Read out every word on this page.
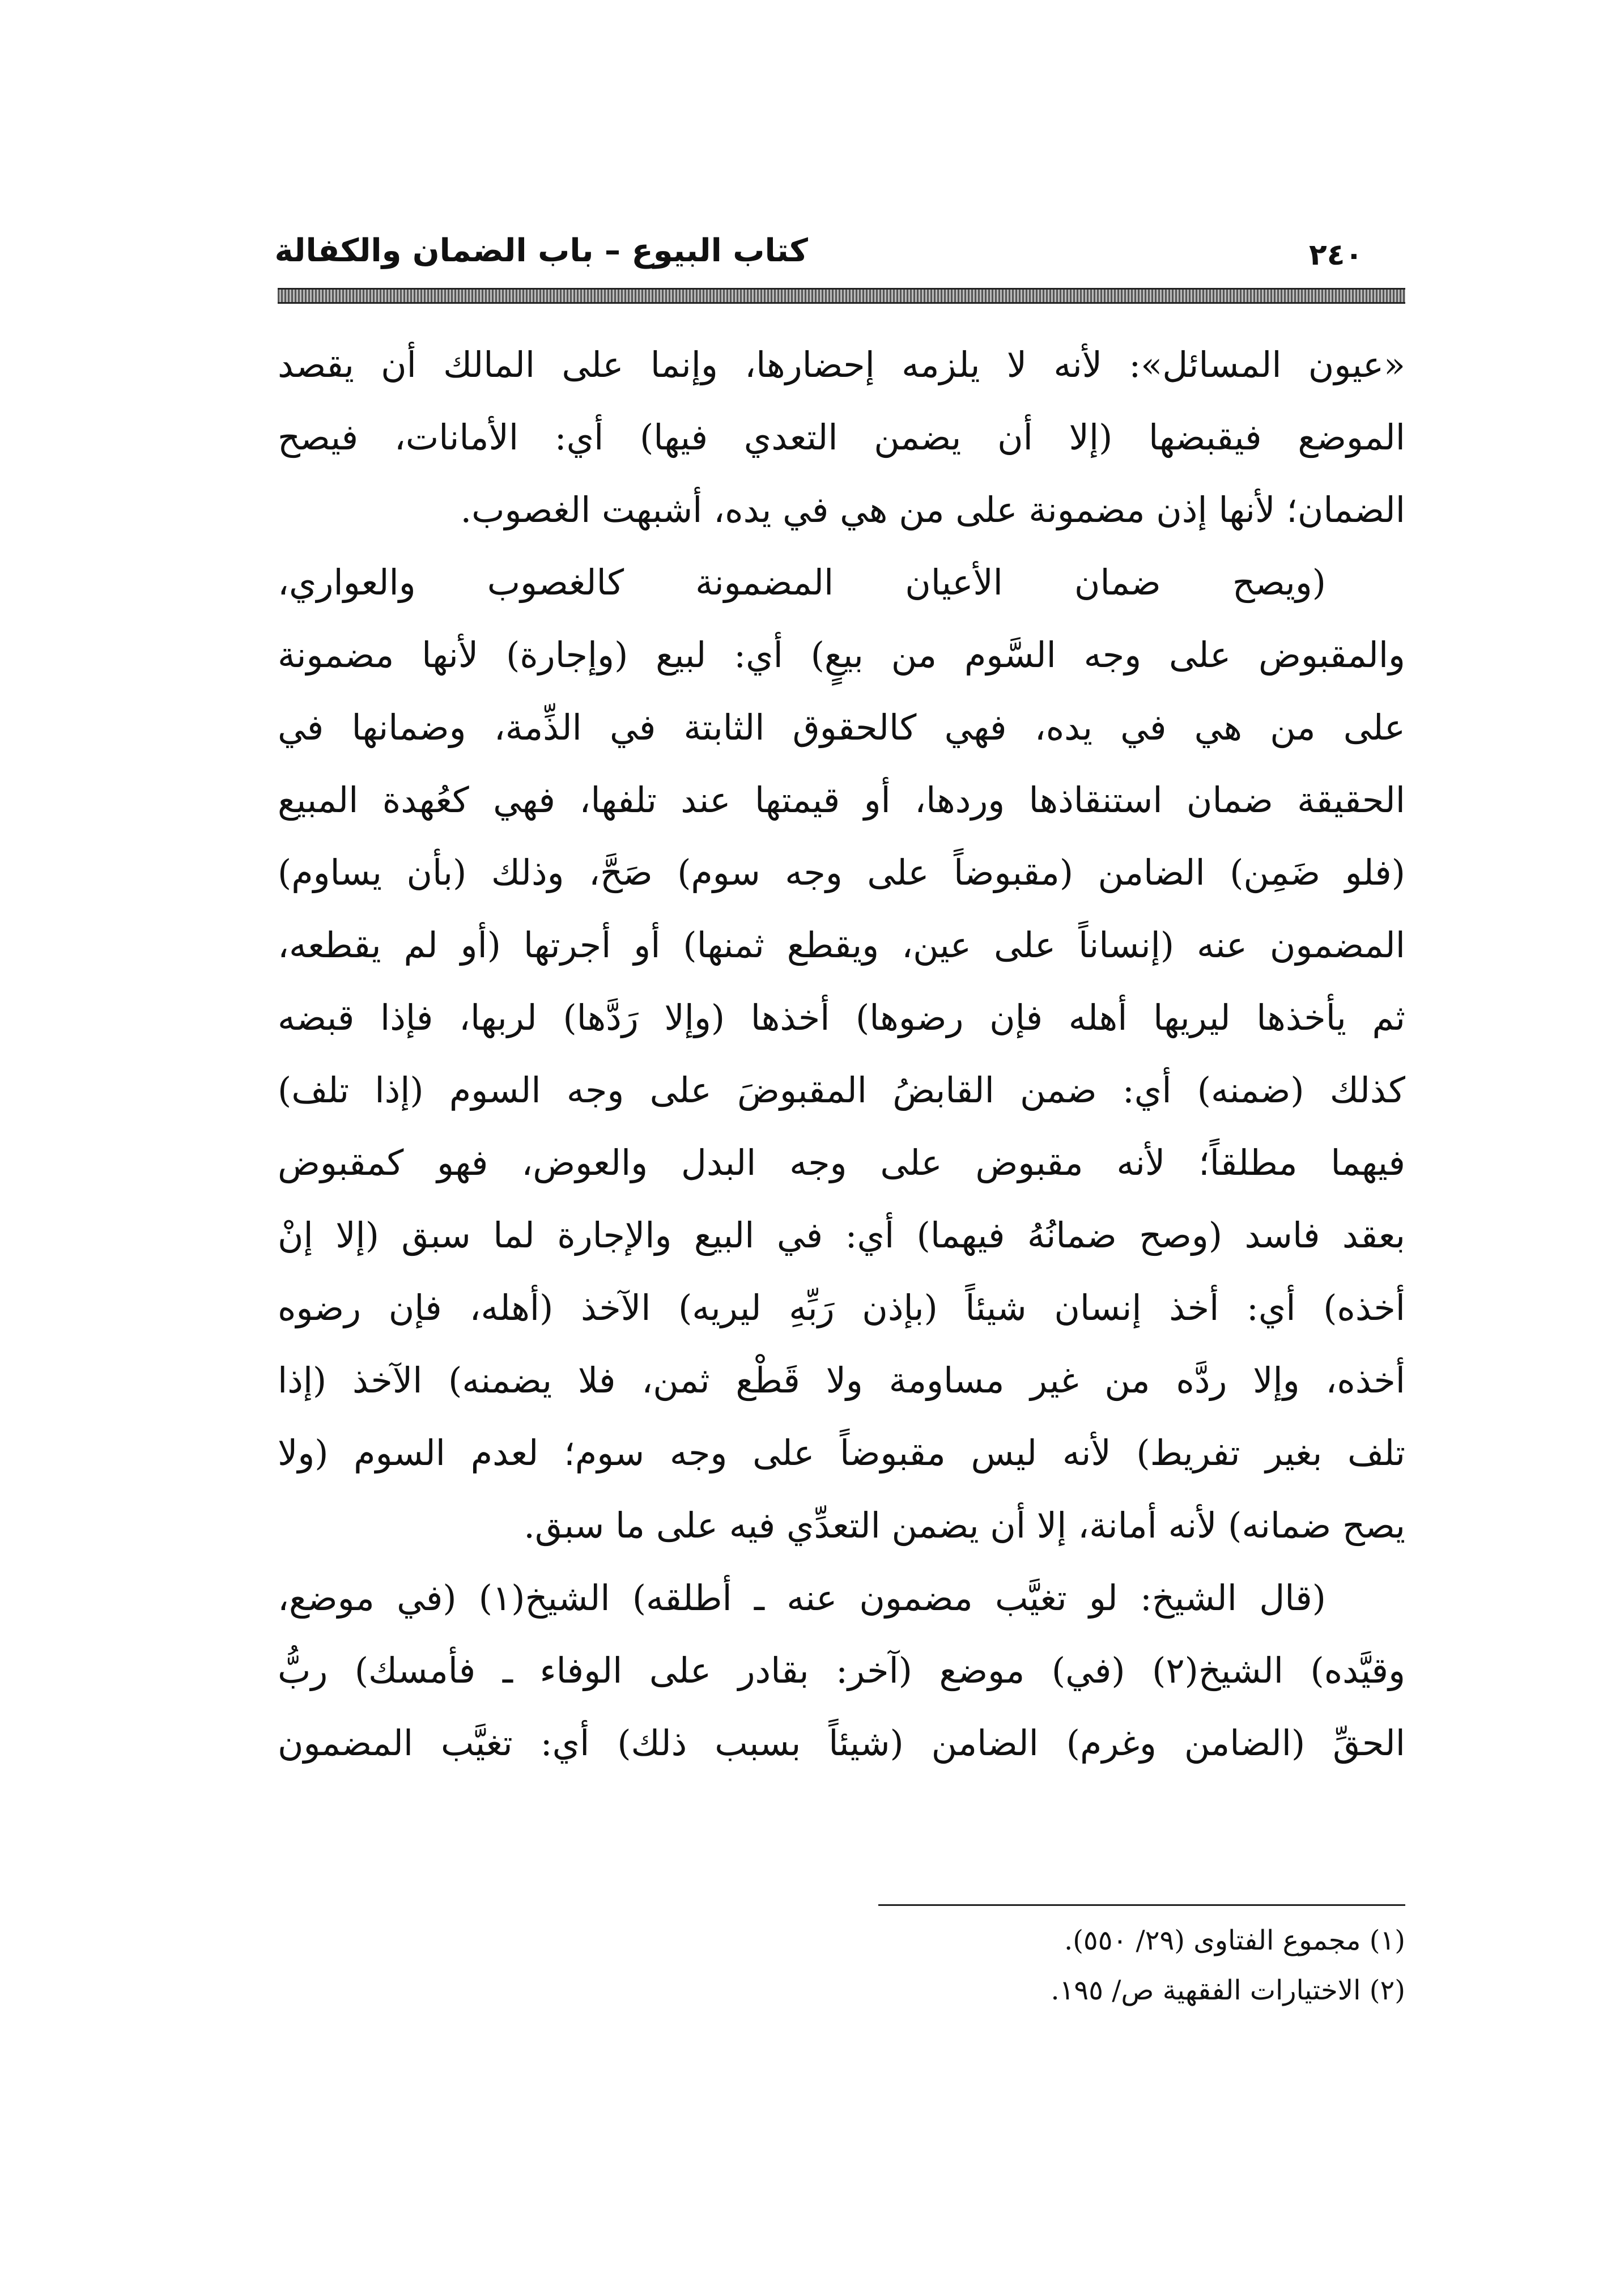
كتاب البيوع – باب الضمان والكفالة	٢٤٠
«عيون المسائل»: لأنه لا يلزمه إحضارها، وإنما على المالك أن يقصد
الموضع فيقبضها (إلا أن يضمن التعدي فيها) أي: الأمانات، فيصح
الضمان؛ لأنها إذن مضمونة على من هي في يده، أشبهت الغصوب.
(ويصح ضمان الأعيان المضمونة كالغصوب والعواري،
والمقبوض على وجه السَّوم من بيعٍ) أي: لبيع (وإجارة) لأنها مضمونة
على من هي في يده، فهي كالحقوق الثابتة في الذِّمة، وضمانها في
الحقيقة ضمان استنقاذها وردها، أو قيمتها عند تلفها، فهي كعُهدة المبيع
(فلو ضَمِن) الضامن (مقبوضاً على وجه سوم) صَحَّ، وذلك (بأن يساوم)
المضمون عنه (إنساناً على عين، ويقطع ثمنها) أو أجرتها (أو لم يقطعه،
ثم يأخذها ليريها أهله فإن رضوها) أخذها (وإلا رَدَّها) لربها، فإذا قبضه
كذلك (ضمنه) أي: ضمن القابضُ المقبوضَ على وجه السوم (إذا تلف)
فيهما مطلقاً؛ لأنه مقبوض على وجه البدل والعوض، فهو كمقبوض
بعقد فاسد (وصح ضمانُهُ فيهما) أي: في البيع والإجارة لما سبق (إلا إنْ
أخذه) أي: أخذ إنسان شيئاً (بإذن رَبِّهِ ليريه) الآخذ (أهله، فإن رضوه
أخذه، وإلا ردَّه من غير مساومة ولا قَطْع ثمن، فلا يضمنه) الآخذ (إذا
تلف بغير تفريط) لأنه ليس مقبوضاً على وجه سوم؛ لعدم السوم (ولا
يصح ضمانه) لأنه أمانة، إلا أن يضمن التعدِّي فيه على ما سبق.
(قال الشيخ: لو تغيَّب مضمون عنه ـ أطلقه) الشيخ(١) (في موضع،
وقيَّده) الشيخ(٢) (في) موضع (آخر: بقادر على الوفاء ـ فأمسك) ربُّ
الحقِّ (الضامن وغرم) الضامن (شيئاً بسبب ذلك) أي: تغيَّب المضمون
(١) مجموع الفتاوى (٢٩/ ٥٥٠).
(٢) الاختيارات الفقهية ص/ ١٩٥.
